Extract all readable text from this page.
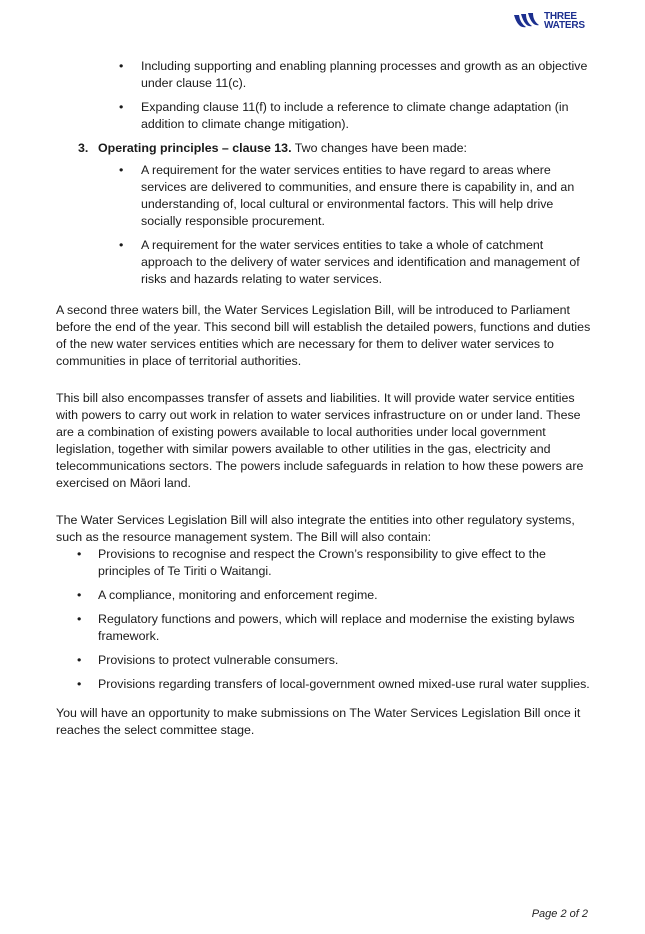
THREE
WATERS
• Including supporting and enabling planning processes and growth as an objective under clause 11(c).
• Expanding clause 11(f) to include a reference to climate change adaptation (in addition to climate change mitigation).
3. Operating principles – clause 13. Two changes have been made:
• A requirement for the water services entities to have regard to areas where services are delivered to communities, and ensure there is capability in, and an understanding of, local cultural or environmental factors. This will help drive socially responsible procurement.
• A requirement for the water services entities to take a whole of catchment approach to the delivery of water services and identification and management of risks and hazards relating to water services.

A second three waters bill, the Water Services Legislation Bill, will be introduced to Parliament before the end of the year. This second bill will establish the detailed powers, functions and duties of the new water services entities which are necessary for them to deliver water services to communities in place of territorial authorities.

This bill also encompasses transfer of assets and liabilities. It will provide water service entities with powers to carry out work in relation to water services infrastructure on or under land. These are a combination of existing powers available to local authorities under local government legislation, together with similar powers available to other utilities in the gas, electricity and telecommunications sectors. The powers include safeguards in relation to how these powers are exercised on Māori land.

The Water Services Legislation Bill will also integrate the entities into other regulatory systems, such as the resource management system. The Bill will also contain:

• Provisions to recognise and respect the Crown’s responsibility to give effect to the principles of Te Tiriti o Waitangi.
• A compliance, monitoring and enforcement regime.
• Regulatory functions and powers, which will replace and modernise the existing bylaws framework.
• Provisions to protect vulnerable consumers.
• Provisions regarding transfers of local-government owned mixed-use rural water supplies.

You will have an opportunity to make submissions on The Water Services Legislation Bill once it reaches the select committee stage.

Page 2 of 2
